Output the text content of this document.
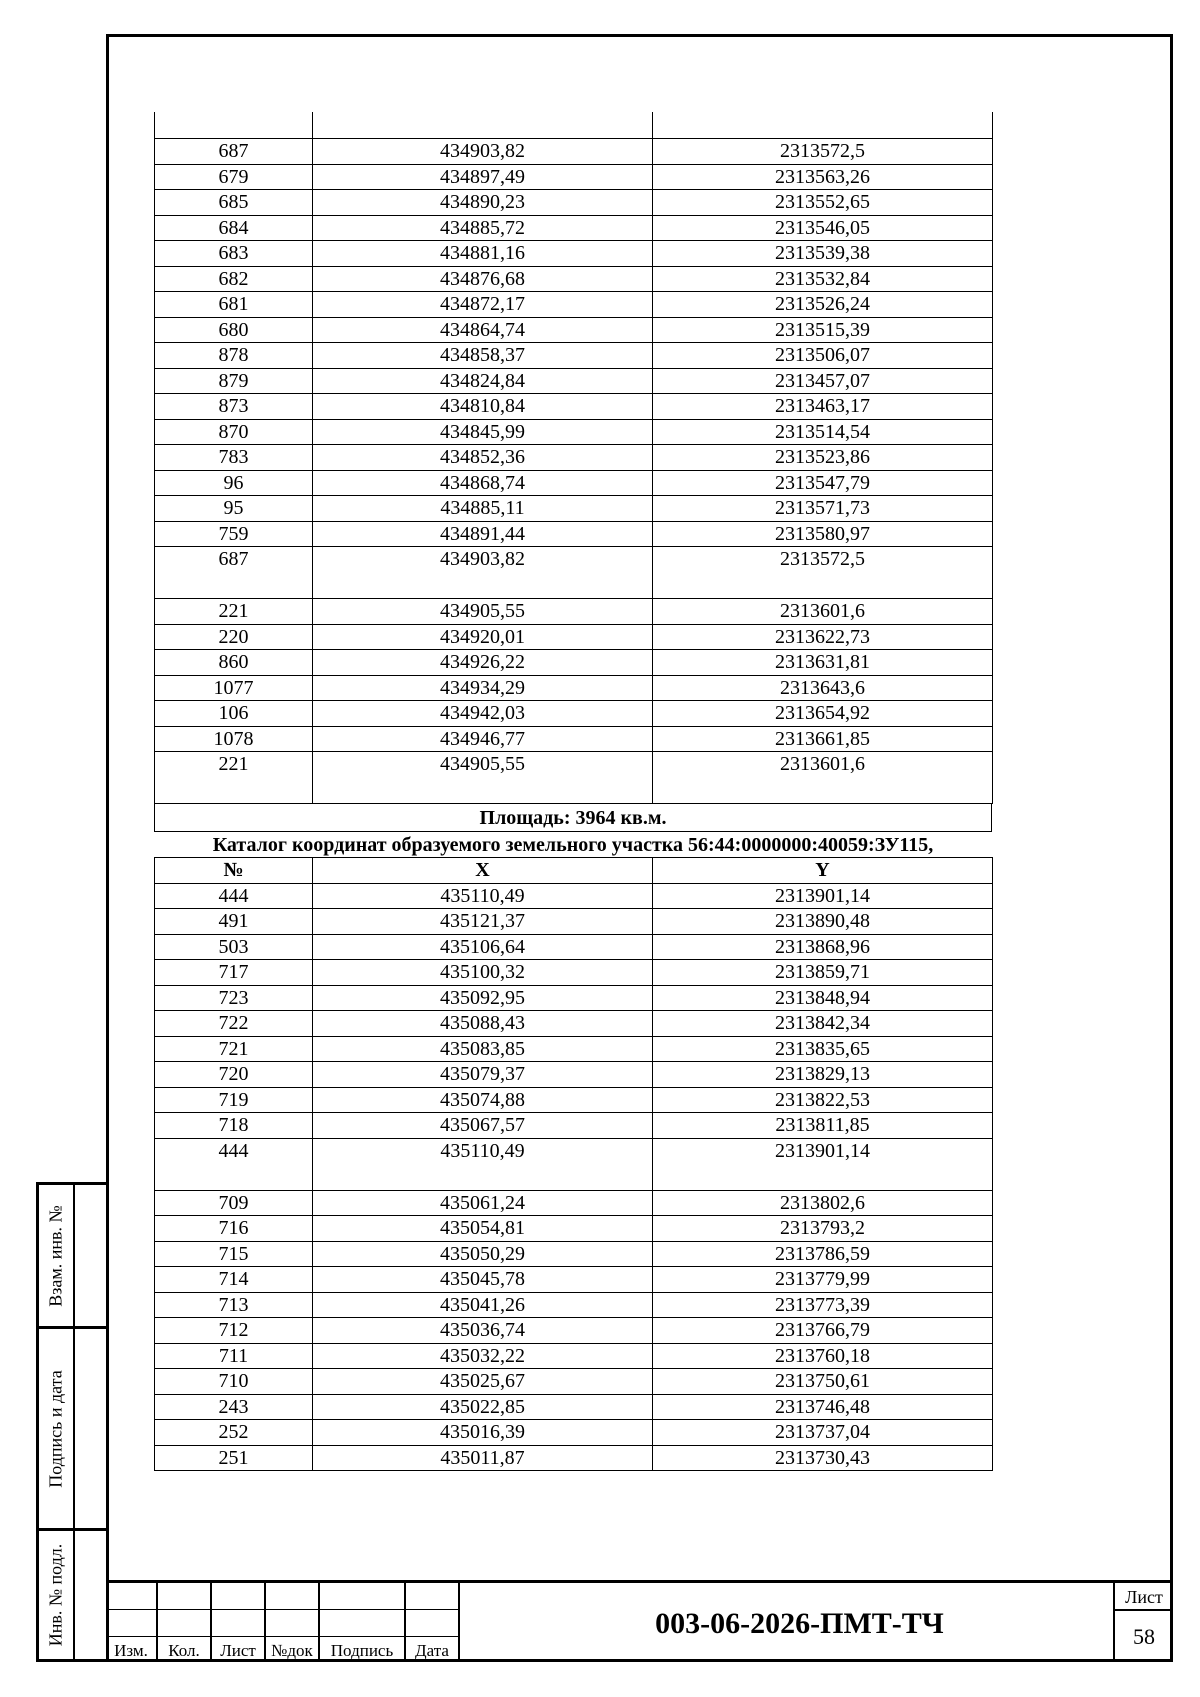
Взам. инв. №
Подпись и дата
Инв. № подл.

687	434903,82	2313572,5
679	434897,49	2313563,26
685	434890,23	2313552,65
684	434885,72	2313546,05
683	434881,16	2313539,38
682	434876,68	2313532,84
681	434872,17	2313526,24
680	434864,74	2313515,39
878	434858,37	2313506,07
879	434824,84	2313457,07
873	434810,84	2313463,17
870	434845,99	2313514,54
783	434852,36	2313523,86
96	434868,74	2313547,79
95	434885,11	2313571,73
759	434891,44	2313580,97
687	434903,82	2313572,5
221	434905,55	2313601,6
220	434920,01	2313622,73
860	434926,22	2313631,81
1077	434934,29	2313643,6
106	434942,03	2313654,92
1078	434946,77	2313661,85
221	434905,55	2313601,6
Площадь: 3964 кв.м.
Каталог координат образуемого земельного участка 56:44:0000000:40059:ЗУ115,
№	X	Y
444	435110,49	2313901,14
491	435121,37	2313890,48
503	435106,64	2313868,96
717	435100,32	2313859,71
723	435092,95	2313848,94
722	435088,43	2313842,34
721	435083,85	2313835,65
720	435079,37	2313829,13
719	435074,88	2313822,53
718	435067,57	2313811,85
444	435110,49	2313901,14
709	435061,24	2313802,6
716	435054,81	2313793,2
715	435050,29	2313786,59
714	435045,78	2313779,99
713	435041,26	2313773,39
712	435036,74	2313766,79
711	435032,22	2313760,18
710	435025,67	2313750,61
243	435022,85	2313746,48
252	435016,39	2313737,04
251	435011,87	2313730,43
Изм.	Кол.	Лист №док	Подпись	Дата
003-06-2026-ПМТ-ТЧ
Лист
58
